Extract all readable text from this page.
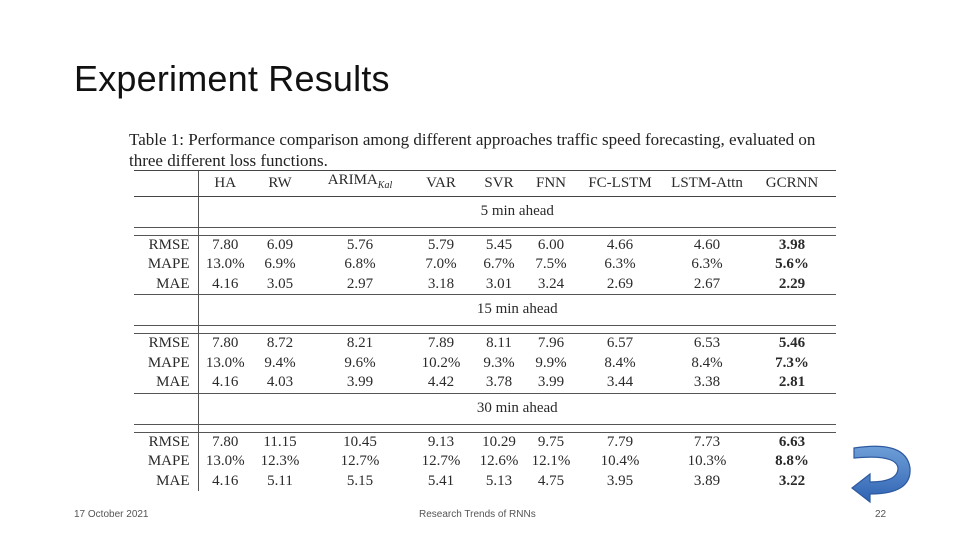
Experiment Results
Table 1: Performance comparison among different approaches traffic speed forecasting, evaluated on three different loss functions.
	HA	RW	$ARIMA_{Kal}$	VAR	SVR	FNN	FC-LSTM	LSTM-Attn	GCRNN
	5 min ahead								

RMSE	7.80	6.09	5.76	5.79	5.45	6.00	4.66	4.60	3.98
MAPE	13.0%	6.9%	6.8%	7.0%	6.7%	7.5%	6.3%	6.3%	5.6%
MAE	4.16	3.05	2.97	3.18	3.01	3.24	2.69	2.67	2.29
	15 min ahead								

RMSE	7.80	8.72	8.21	7.89	8.11	7.96	6.57	6.53	5.46
MAPE	13.0%	9.4%	9.6%	10.2%	9.3%	9.9%	8.4%	8.4%	7.3%
MAE	4.16	4.03	3.99	4.42	3.78	3.99	3.44	3.38	2.81
	30 min ahead								

RMSE	7.80	11.15	10.45	9.13	10.29	9.75	7.79	7.73	6.63
MAPE	13.0%	12.3%	12.7%	12.7%	12.6%	12.1%	10.4%	10.3%	8.8%
MAE	4.16	5.11	5.15	5.41	5.13	4.75	3.95	3.89	3.22
17 October 2021	Research Trends of RNNs	22
